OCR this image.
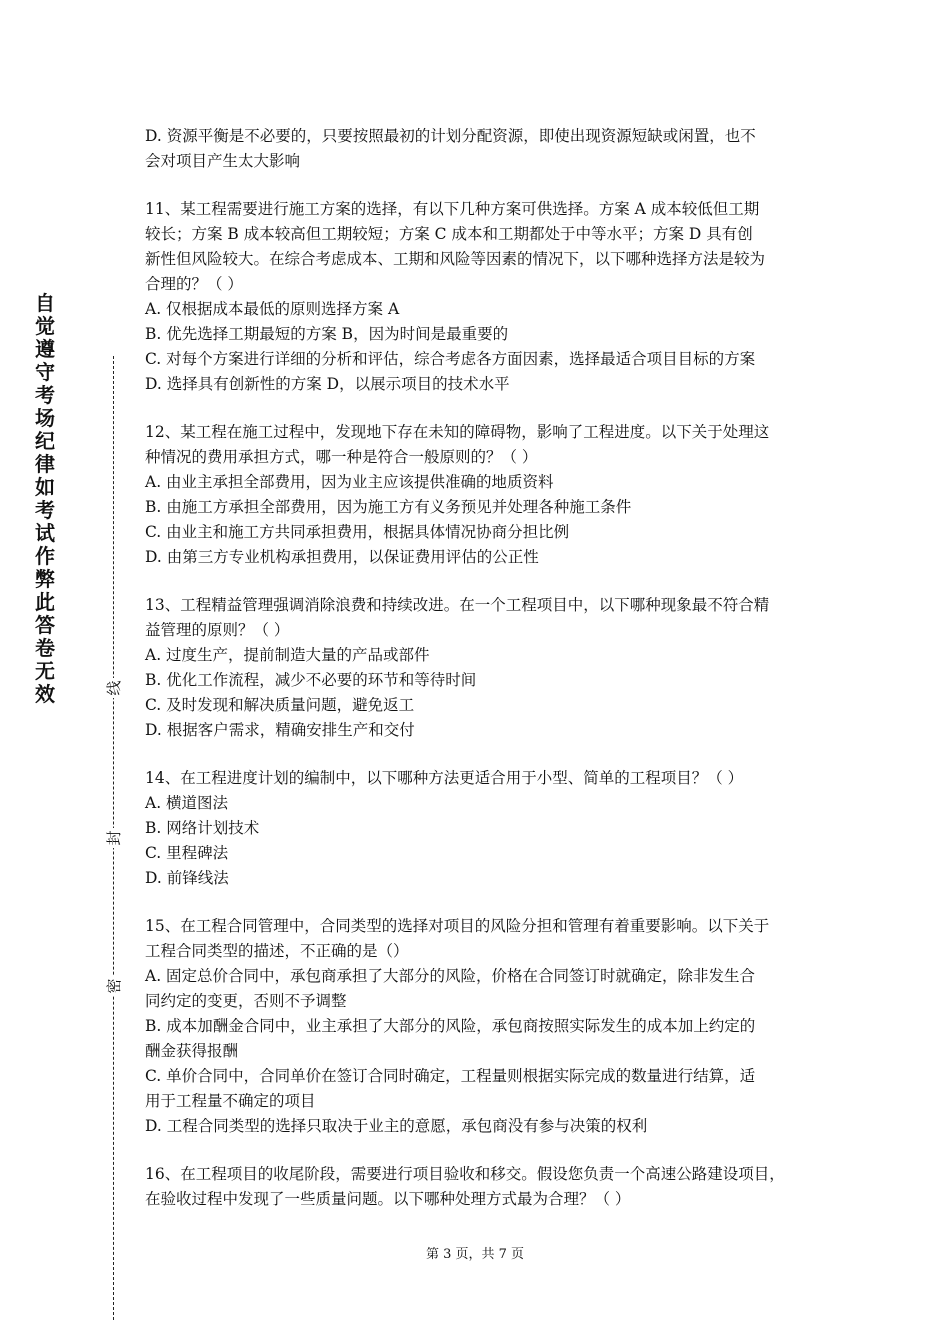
自觉遵守考场纪律如考试作弊此答卷无效	线
封
密
D. 资源平衡是不必要的，只要按照最初的计划分配资源，即使出现资源短缺或闲置，也不
会对项目产生太大影响
11、某工程需要进行施工方案的选择，有以下几种方案可供选择。方案 A 成本较低但工期
较长；方案 B 成本较高但工期较短；方案 C 成本和工期都处于中等水平；方案 D 具有创
新性但风险较大。在综合考虑成本、工期和风险等因素的情况下，以下哪种选择方法是较为
合理的？（ ）
A. 仅根据成本最低的原则选择方案 A
B. 优先选择工期最短的方案 B，因为时间是最重要的
C. 对每个方案进行详细的分析和评估，综合考虑各方面因素，选择最适合项目目标的方案
D. 选择具有创新性的方案 D，以展示项目的技术水平
12、某工程在施工过程中，发现地下存在未知的障碍物，影响了工程进度。以下关于处理这
种情况的费用承担方式，哪一种是符合一般原则的？（ ）
A. 由业主承担全部费用，因为业主应该提供准确的地质资料
B. 由施工方承担全部费用，因为施工方有义务预见并处理各种施工条件
C. 由业主和施工方共同承担费用，根据具体情况协商分担比例
D. 由第三方专业机构承担费用，以保证费用评估的公正性
13、工程精益管理强调消除浪费和持续改进。在一个工程项目中，以下哪种现象最不符合精
益管理的原则？（ ）
A. 过度生产，提前制造大量的产品或部件
B. 优化工作流程，减少不必要的环节和等待时间
C. 及时发现和解决质量问题，避免返工
D. 根据客户需求，精确安排生产和交付
14、在工程进度计划的编制中，以下哪种方法更适合用于小型、简单的工程项目？（ ）
A. 横道图法
B. 网络计划技术
C. 里程碑法
D. 前锋线法
15、在工程合同管理中，合同类型的选择对项目的风险分担和管理有着重要影响。以下关于
工程合同类型的描述，不正确的是（）
A. 固定总价合同中，承包商承担了大部分的风险，价格在合同签订时就确定，除非发生合
同约定的变更，否则不予调整
B. 成本加酬金合同中，业主承担了大部分的风险，承包商按照实际发生的成本加上约定的
酬金获得报酬
C. 单价合同中，合同单价在签订合同时确定，工程量则根据实际完成的数量进行结算，适
用于工程量不确定的项目
D. 工程合同类型的选择只取决于业主的意愿，承包商没有参与决策的权利
16、在工程项目的收尾阶段，需要进行项目验收和移交。假设您负责一个高速公路建设项目，
在验收过程中发现了一些质量问题。以下哪种处理方式最为合理？（ ）
第 3 页，共 7 页
